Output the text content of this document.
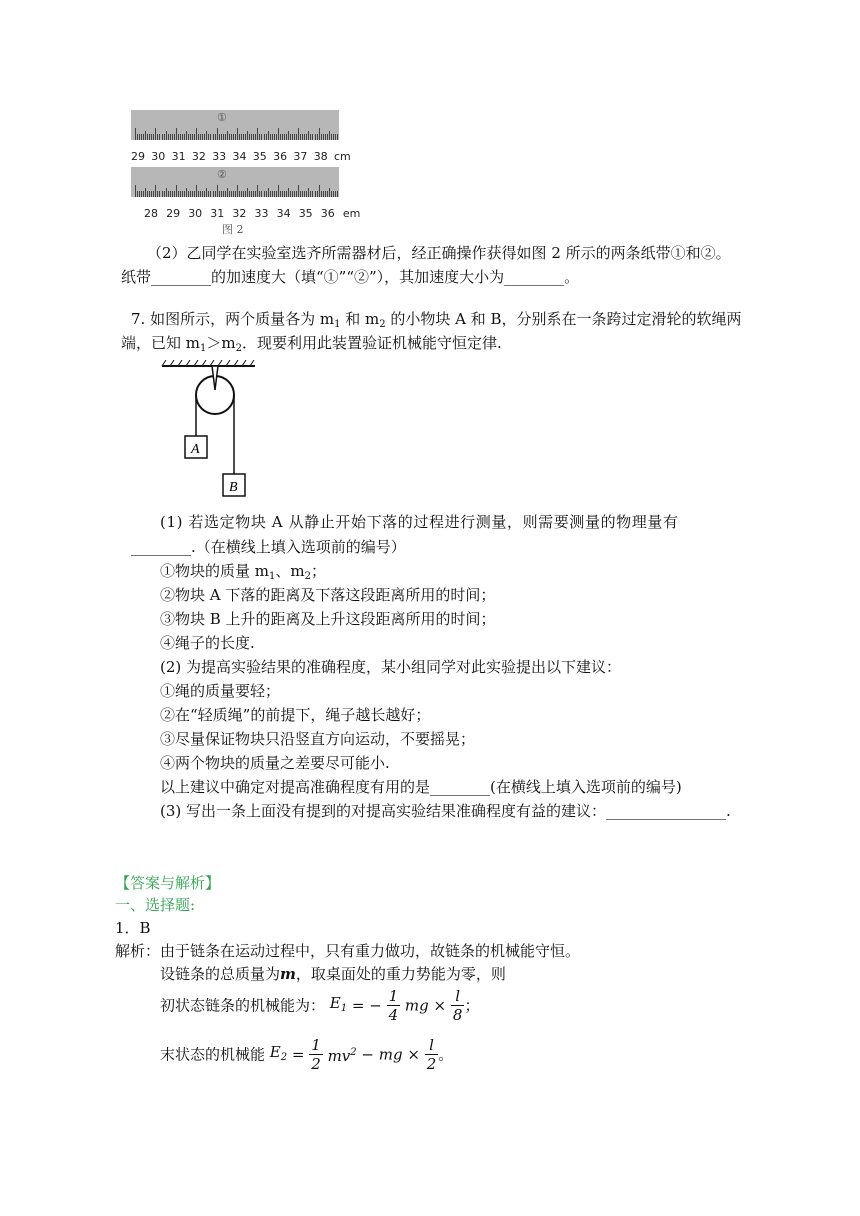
①
29 30 31 32 33 34 35 36 37 38 cm
②
28 29 30 31 32 33 34 35 36 em
图 2
（2）乙同学在实验室选齐所需器材后，经正确操作获得如图 2 所示的两条纸带①和②。
纸带________的加速度大（填“①”“②”），其加速度大小为________。
7. 如图所示，两个质量各为 $m_1$ 和 $m_2$ 的小物块 A 和 B，分别系在一条跨过定滑轮的软绳两
端，已知 $m_1>m_2$．现要利用此装置验证机械能守恒定律.
A
B
(1) 若选定物块 A 从静止开始下落的过程进行测量，则需要测量的物理量有
________.（在横线上填入选项前的编号）
①物块的质量 $m_1$、$m_2$；
②物块 A 下落的距离及下落这段距离所用的时间；
③物块 B 上升的距离及上升这段距离所用的时间；
④绳子的长度.
(2) 为提高实验结果的准确程度，某小组同学对此实验提出以下建议：
①绳的质量要轻；
②在“轻质绳”的前提下，绳子越长越好；
③尽量保证物块只沿竖直方向运动，不要摇晃；
④两个物块的质量之差要尽可能小.
以上建议中确定对提高准确程度有用的是________(在横线上填入选项前的编号)
(3) 写出一条上面没有提到的对提高实验结果准确程度有益的建议：________________.
【答案与解析】
一、选择题:
1．B
解析：由于链条在运动过程中，只有重力做功，故链条的机械能守恒。
设链条的总质量为m，取桌面处的重力势能为零，则
初状态链条的机械能为： $E_1$ = − $\frac{1}{4}$ mg × $\frac{l}{8}$ ；
末状态的机械能 $E_2 = \frac{1}{2} mv^2$ − mg × $\frac{l}{2}$ 。
